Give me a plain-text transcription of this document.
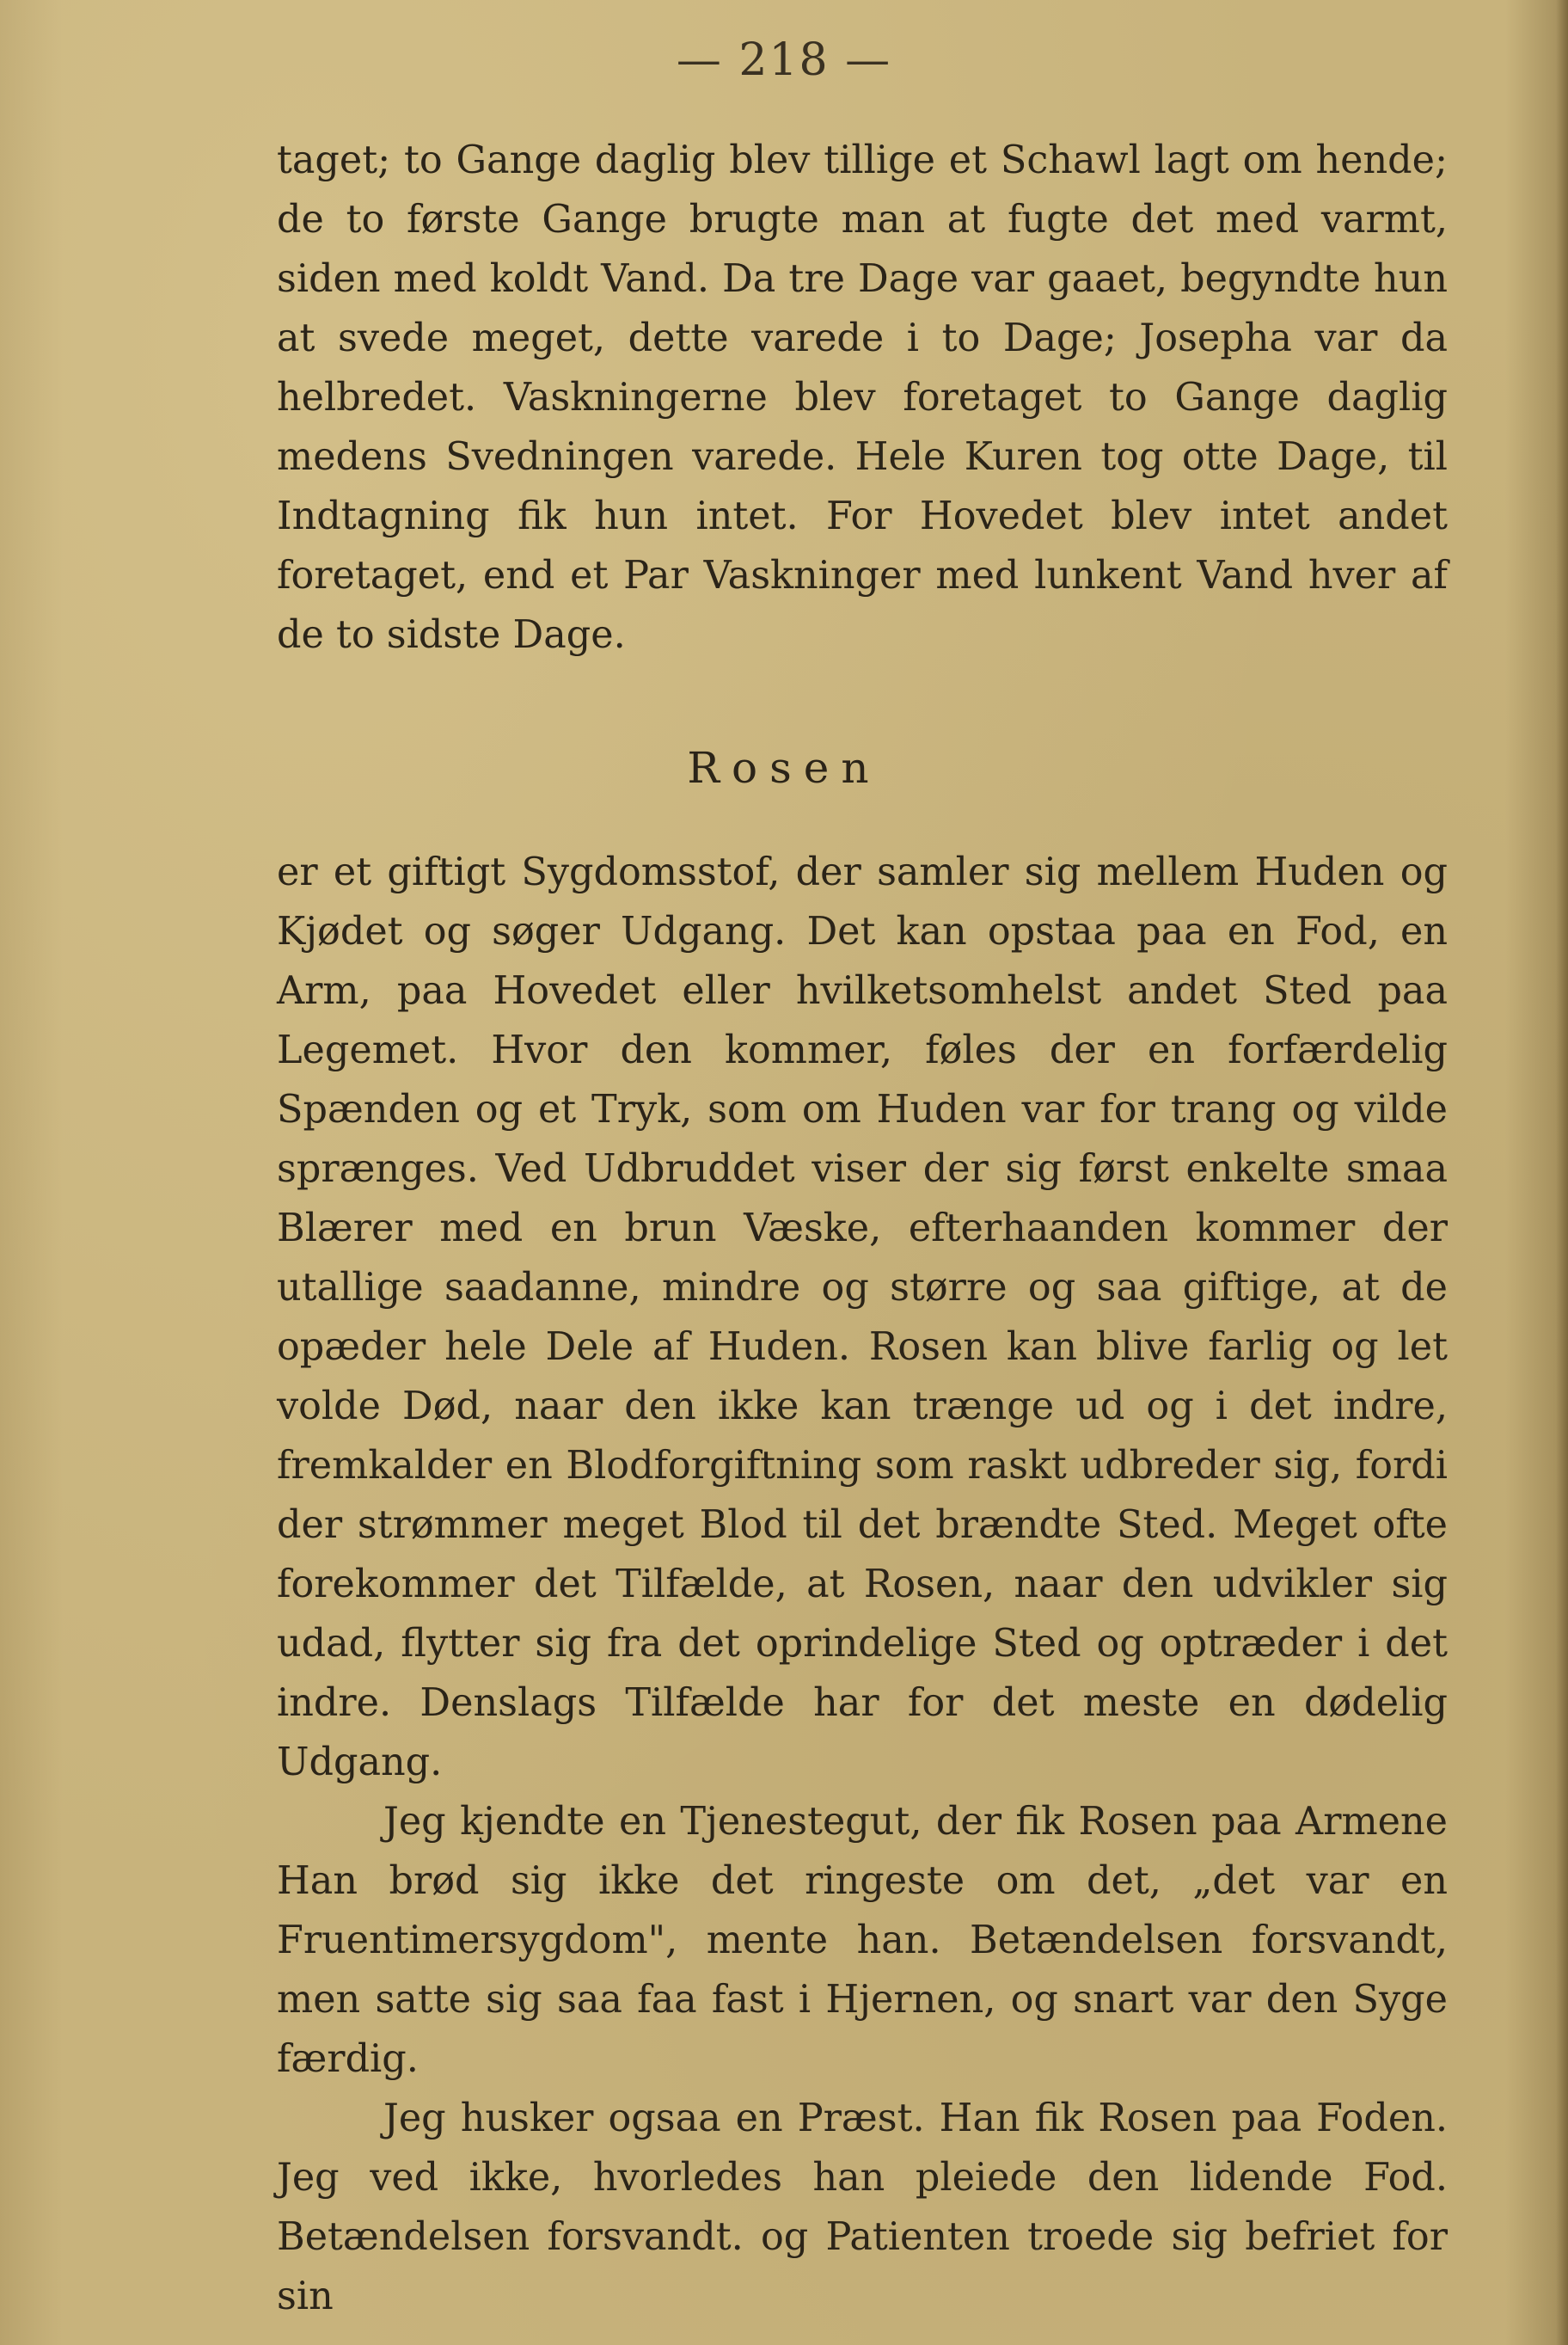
— 218 —

taget; to Gange daglig blev tillige et Schawl lagt om hende; de to første Gange brugte man at fugte det med varmt, siden med koldt Vand. Da tre Dage var gaaet, begyndte hun at svede meget, dette varede i to Dage; Josepha var da helbredet. Vaskningerne blev foretaget to Gange daglig medens Svedningen varede. Hele Kuren tog otte Dage, til Indtagning fik hun intet. For Hovedet blev intet andet foretaget, end et Par Vaskninger med lunkent Vand hver af de to sidste Dage.

Rosen

er et giftigt Sygdomsstof, der samler sig mellem Huden og Kjødet og søger Udgang. Det kan opstaa paa en Fod, en Arm, paa Hovedet eller hvilketsomhelst andet Sted paa Legemet. Hvor den kommer, føles der en forfærdelig Spænden og et Tryk, som om Huden var for trang og vilde sprænges. Ved Udbruddet viser der sig først enkelte smaa Blærer med en brun Væske, efterhaanden kommer der utallige saadanne, mindre og større og saa giftige, at de opæder hele Dele af Huden. Rosen kan blive farlig og let volde Død, naar den ikke kan trænge ud og i det indre, fremkalder en Blodforgiftning som raskt udbreder sig, fordi der strømmer meget Blod til det brændte Sted. Meget ofte forekommer det Tilfælde, at Rosen, naar den udvikler sig udad, flytter sig fra det oprindelige Sted og optræder i det indre. Denslags Tilfælde har for det meste en dødelig Udgang.

Jeg kjendte en Tjenestegut, der fik Rosen paa Armene Han brød sig ikke det ringeste om det, „det var en Fruentimersygdom", mente han. Betændelsen forsvandt, men satte sig saa faa fast i Hjernen, og snart var den Syge færdig.

Jeg husker ogsaa en Præst. Han fik Rosen paa Foden. Jeg ved ikke, hvorledes han pleiede den lidende Fod. Betændelsen forsvandt. og Patienten troede sig befriet for sin
